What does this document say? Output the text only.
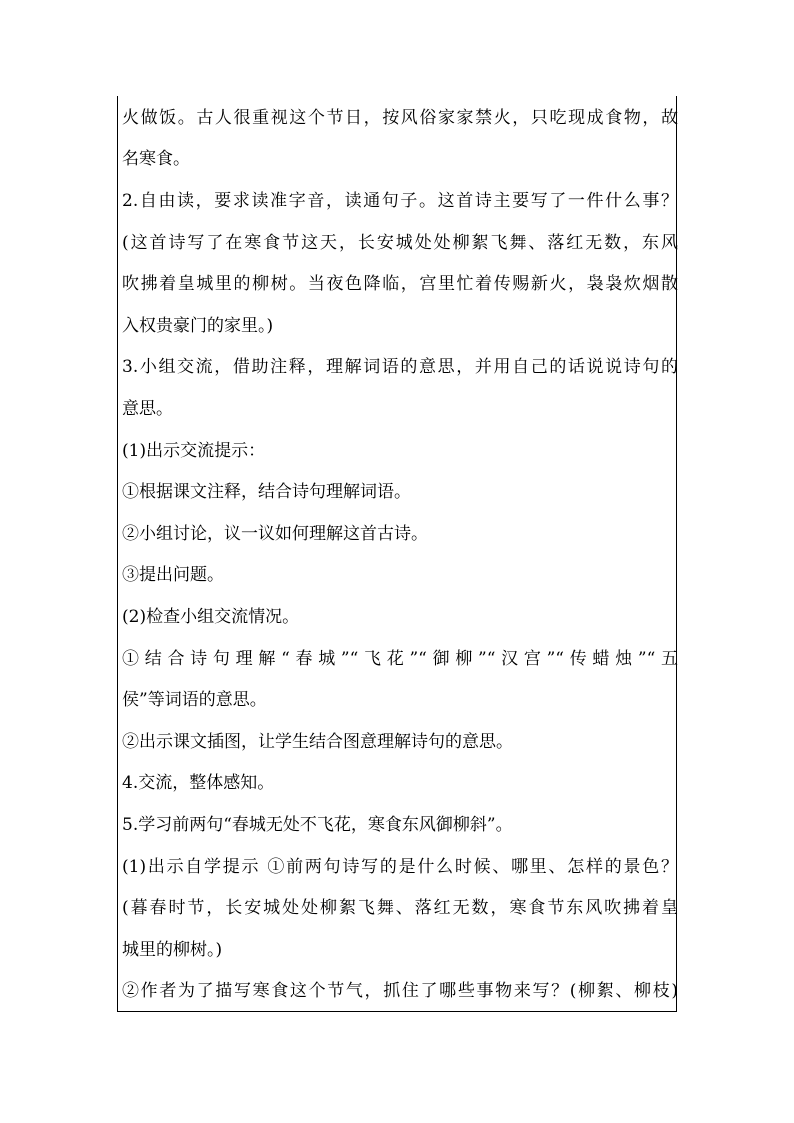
火做饭。古人很重视这个节日，按风俗家家禁火，只吃现成食物，故
名寒食。
2.自由读，要求读准字音，读通句子。这首诗主要写了一件什么事？
(这首诗写了在寒食节这天，长安城处处柳絮飞舞、落红无数，东风
吹拂着皇城里的柳树。当夜色降临，宫里忙着传赐新火，袅袅炊烟散
入权贵豪门的家里。)
3.小组交流，借助注释，理解词语的意思，并用自己的话说说诗句的
意思。
(1)出示交流提示：
①根据课文注释，结合诗句理解词语。
②小组讨论，议一议如何理解这首古诗。
③提出问题。
(2)检查小组交流情况。
①结合诗句理解“春城”“飞花”“御柳”“汉宫”“传蜡烛”“五
侯”等词语的意思。
②出示课文插图，让学生结合图意理解诗句的意思。
4.交流，整体感知。
5.学习前两句“春城无处不飞花，寒食东风御柳斜”。
(1)出示自学提示 ①前两句诗写的是什么时候、哪里、怎样的景色？
(暮春时节，长安城处处柳絮飞舞、落红无数，寒食节东风吹拂着皇
城里的柳树。)
②作者为了描写寒食这个节气，抓住了哪些事物来写？(柳絮、柳枝)
